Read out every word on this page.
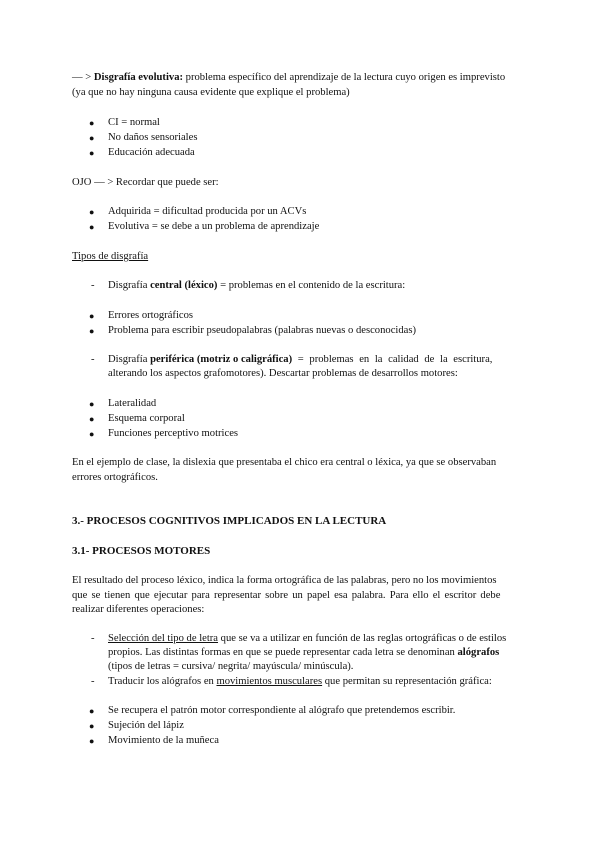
— > Disgrafía evolutiva: problema específico del aprendizaje de la lectura cuyo origen es imprevisto
(ya que no hay ninguna causa evidente que explique el problema)
●	CI = normal
●	No daños sensoriales
●	Educación adecuada
OJO — > Recordar que puede ser:
●	Adquirida = dificultad producida por un ACVs
●	Evolutiva = se debe a un problema de aprendizaje
Tipos de disgrafía
- Disgrafía central (léxico) = problemas en el contenido de la escritura:
●	Errores ortográficos
●	Problema para escribir pseudopalabras (palabras nuevas o desconocidas)
- Disgrafía periférica (motriz o caligráfica) = problemas en la calidad de la escritura,
alterando los aspectos grafomotores). Descartar problemas de desarrollos motores:
●	Lateralidad
●	Esquema corporal
●	Funciones perceptivo motrices
En el ejemplo de clase, la dislexia que presentaba el chico era central o léxica, ya que se observaban
errores ortográficos.
3.- PROCESOS COGNITIVOS IMPLICADOS EN LA LECTURA
3.1- PROCESOS MOTORES
El resultado del proceso léxico, indica la forma ortográfica de las palabras, pero no los movimientos
que se tienen que ejecutar para representar sobre un papel esa palabra. Para ello el escritor debe
realizar diferentes operaciones:
- Selección del tipo de letra que se va a utilizar en función de las reglas ortográficas o de estilos
propios. Las distintas formas en que se puede representar cada letra se denominan alógrafos
(tipos de letras = cursiva/ negrita/ mayúscula/ minúscula).
- Traducir los alógrafos en movimientos musculares que permitan su representación gráfica:
●	Se recupera el patrón motor correspondiente al alógrafo que pretendemos escribir.
●	Sujeción del lápiz
●	Movimiento de la muñeca
